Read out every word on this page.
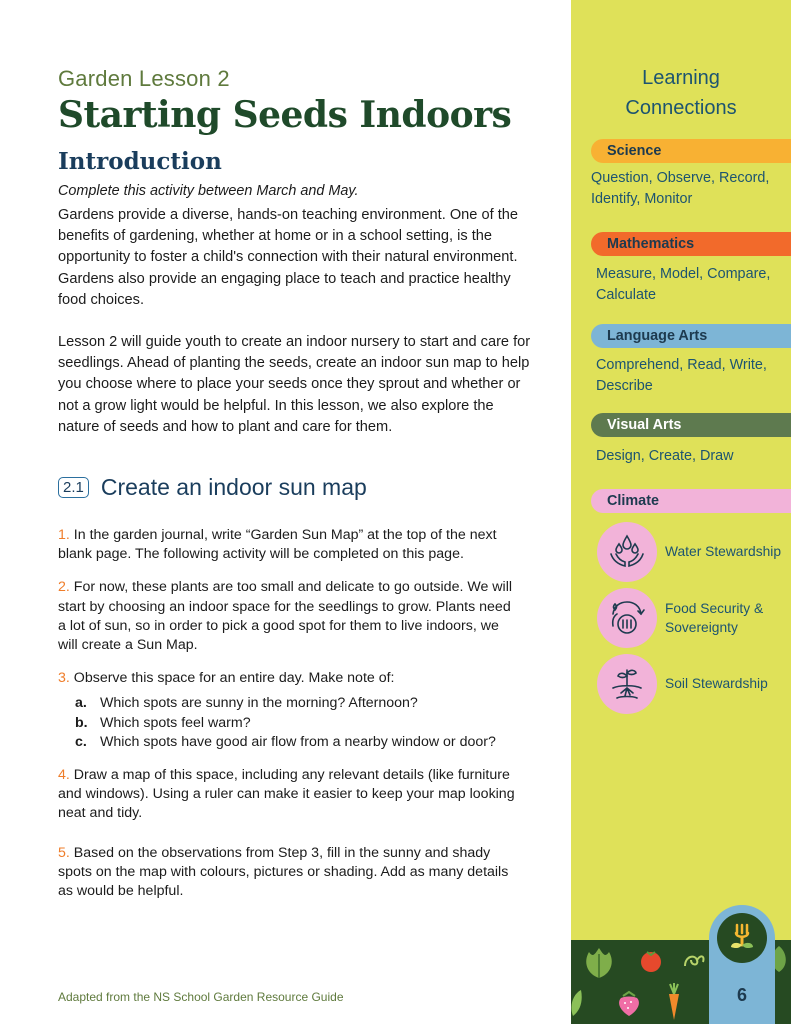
Garden Lesson 2
Starting Seeds Indoors
Introduction

Complete this activity between March and May.

Gardens provide a diverse, hands-on teaching environment. One of the benefits of gardening, whether at home or in a school setting, is the opportunity to foster a child's connection with their natural environment. Gardens also provide an engaging place to teach and practice healthy food choices.

Lesson 2 will guide youth to create an indoor nursery to start and care for seedlings. Ahead of planting the seeds, create an indoor sun map to help you choose where to place your seeds once they sprout and whether or not a grow light would be helpful. In this lesson, we also explore the nature of seeds and how to plant and care for them.

2.1 Create an indoor sun map

1. In the garden journal, write “Garden Sun Map” at the top of the next blank page. The following activity will be completed on this page.

2. For now, these plants are too small and delicate to go outside. We will start by choosing an indoor space for the seedlings to grow. Plants need a lot of sun, so in order to pick a good spot for them to live indoors, we will create a Sun Map.

3. Observe this space for an entire day. Make note of:

a. Which spots are sunny in the morning? Afternoon?
b. Which spots feel warm?
c. Which spots have good air flow from a nearby window or door?

4. Draw a map of this space, including any relevant details (like furniture and windows). Using a ruler can make it easier to keep your map looking neat and tidy.

5. Based on the observations from Step 3, fill in the sunny and shady spots on the map with colours, pictures or shading. Add as many details as would be helpful.

Adapted from the NS School Garden Resource Guide
Learning
Connections
Science
Question, Observe, Record, Identify, Monitor
Mathematics
Measure, Model, Compare, Calculate
Language Arts
Comprehend, Read, Write, Describe
Visual Arts
Design, Create, Draw
Climate
Water Stewardship
Food Security & Sovereignty
Soil Stewardship
6
